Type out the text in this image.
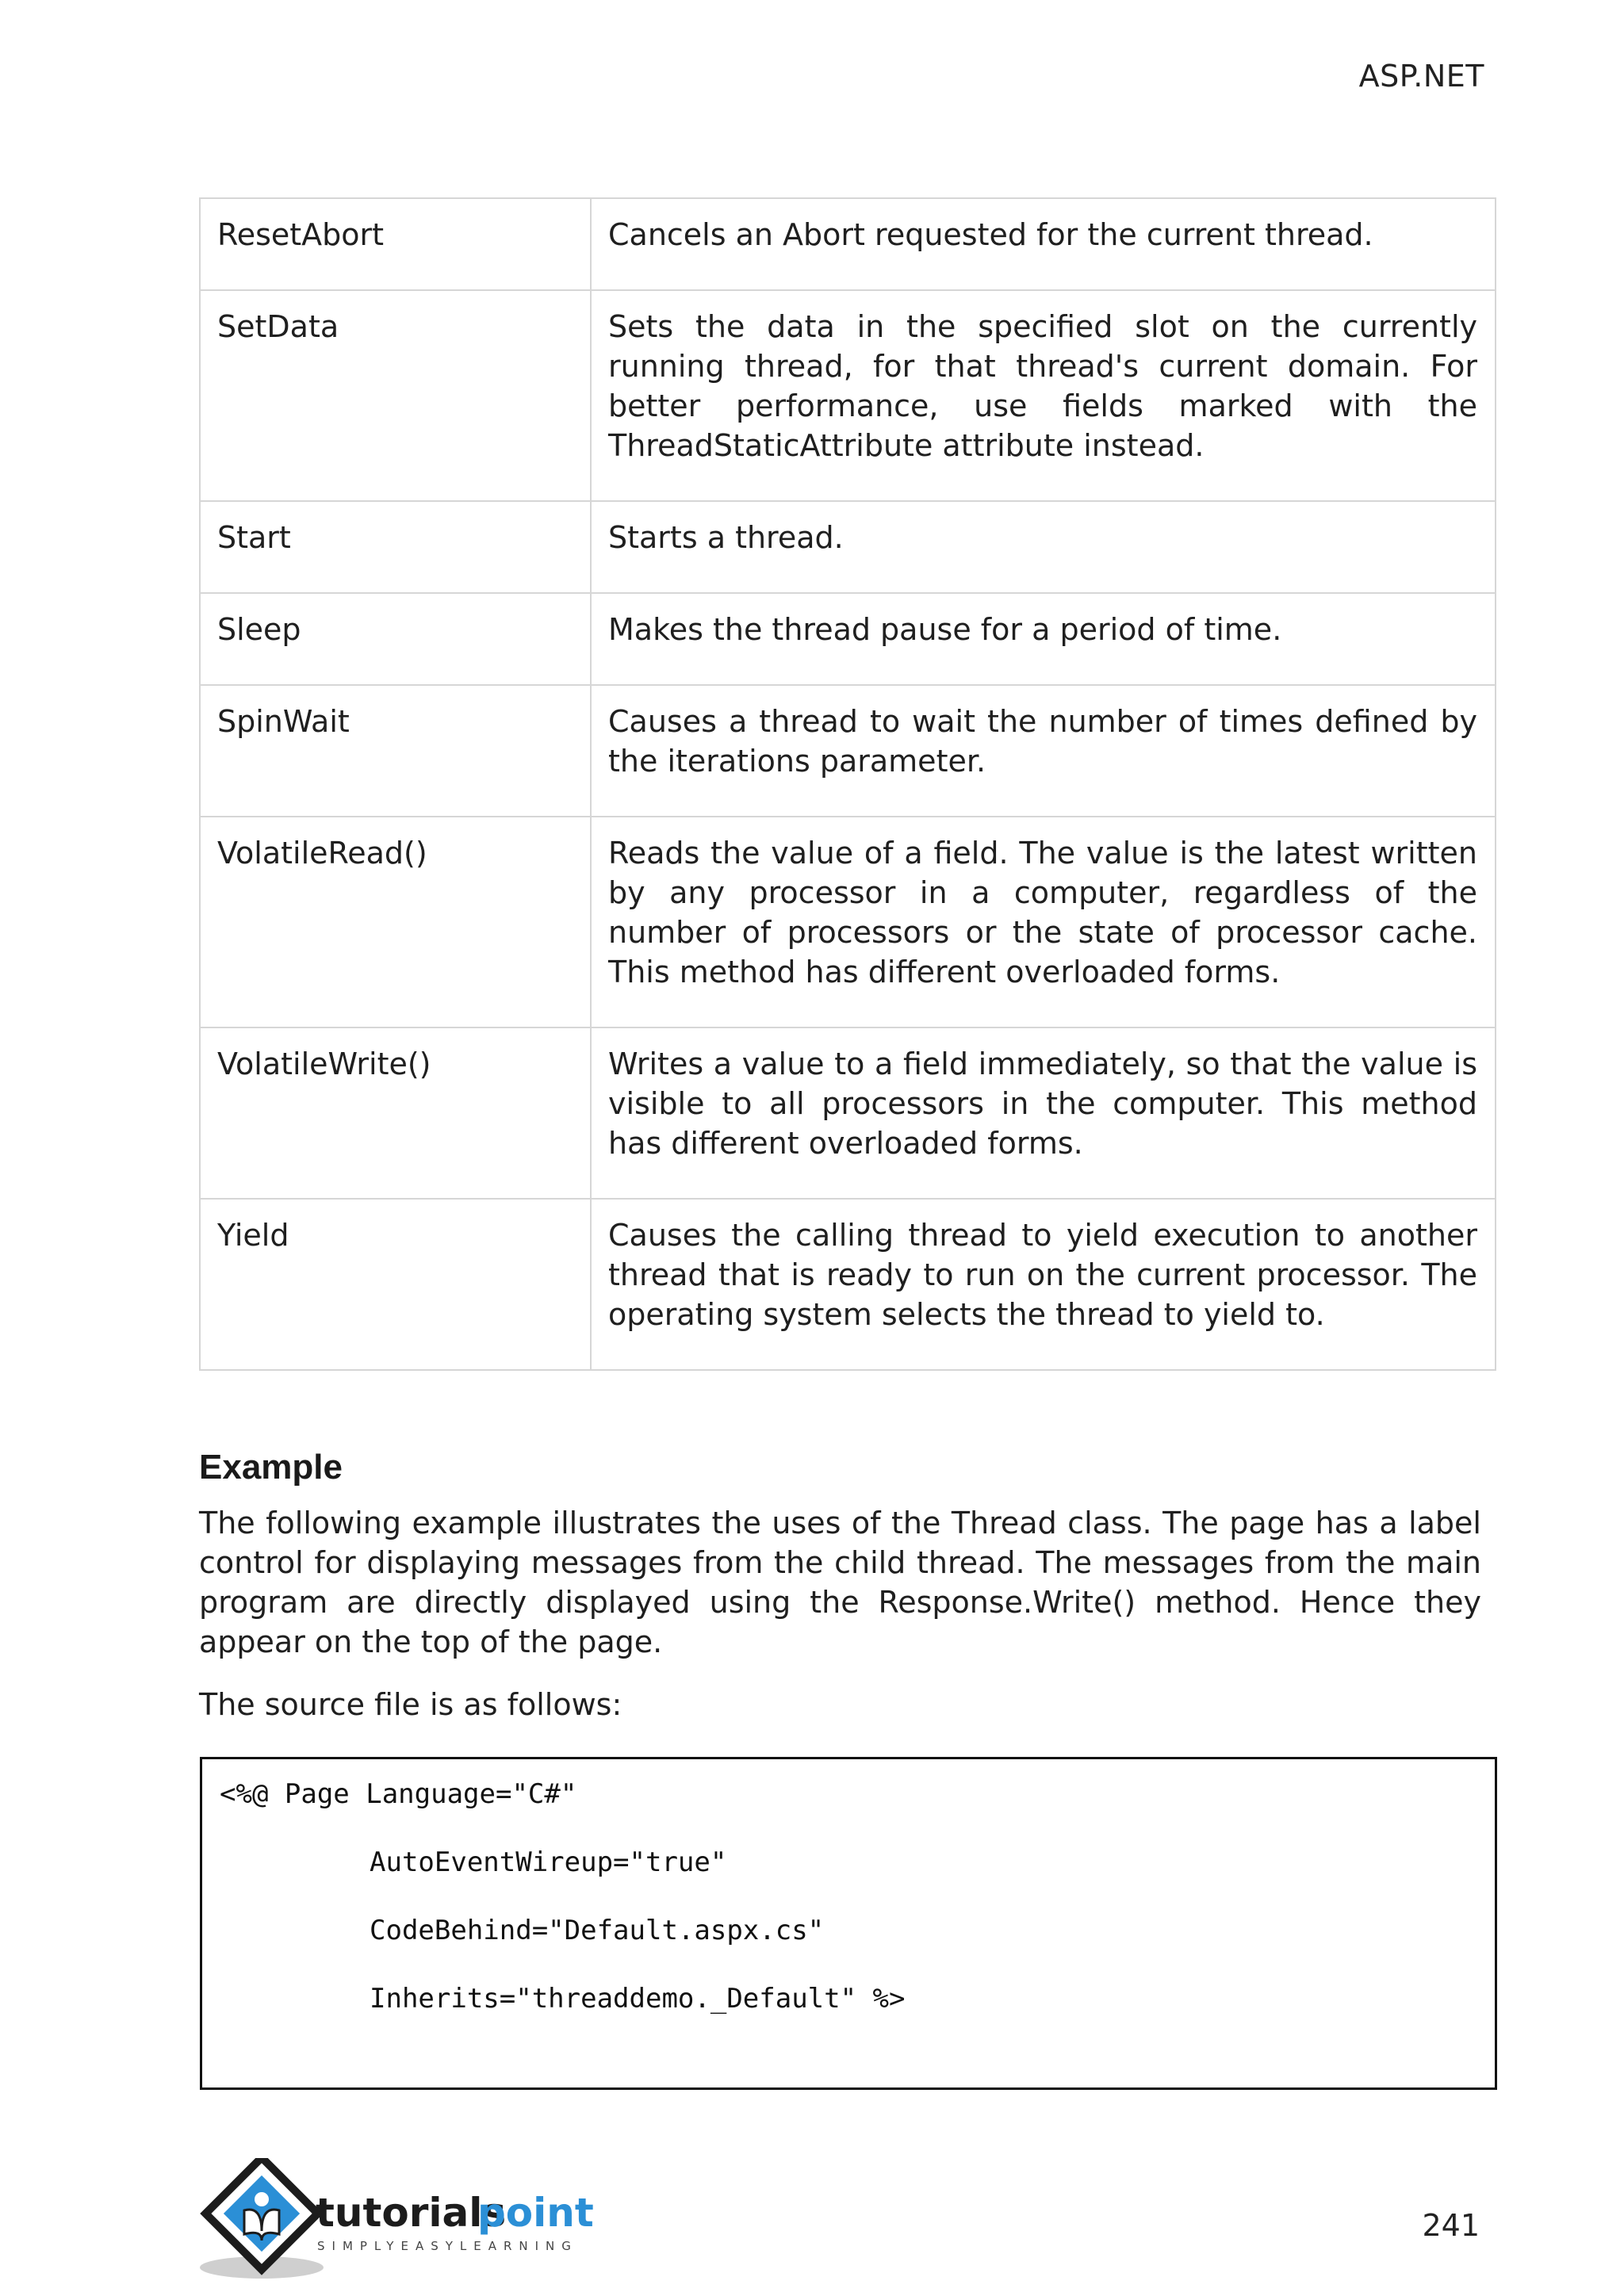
ASP.NET
ResetAbort	Cancels an Abort requested for the current thread.
SetData	Sets the data in the specified slot on the currently running thread, for that thread's current domain. For better performance, use fields marked with the ThreadStaticAttribute attribute instead.
Start	Starts a thread.
Sleep	Makes the thread pause for a period of time.
SpinWait	Causes a thread to wait the number of times defined by the iterations parameter.
VolatileRead()	Reads the value of a field. The value is the latest written by any processor in a computer, regardless of the number of processors or the state of processor cache. This method has different overloaded forms.
VolatileWrite()	Writes a value to a field immediately, so that the value is visible to all processors in the computer. This method has different overloaded forms.
Yield	Causes the calling thread to yield execution to another thread that is ready to run on the current processor. The operating system selects the thread to yield to.
Example
The following example illustrates the uses of the Thread class. The page has a label control for displaying messages from the child thread. The messages from the main program are directly displayed using the Response.Write() method. Hence they appear on the top of the page.
The source file is as follows:
<%@ Page Language="C#"
AutoEventWireup="true"
CodeBehind="Default.aspx.cs"
Inherits="threaddemo._Default" %>
tutorials
point
SIMPLYEASYLEARNING
241
